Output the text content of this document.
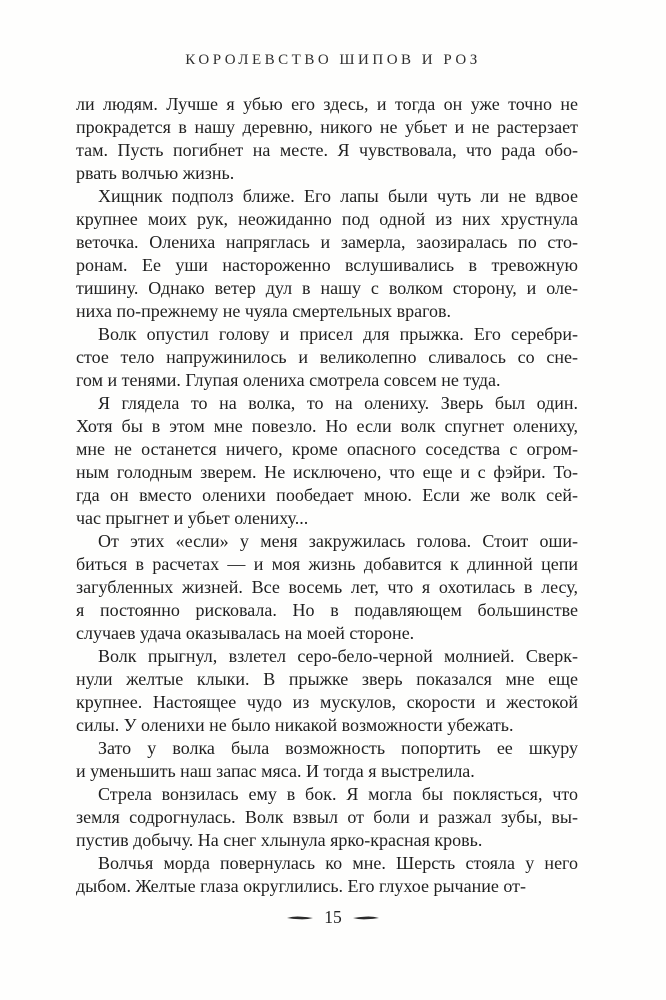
КОРОЛЕВСТВО ШИПОВ И РОЗ
ли людям. Лучше я убью его здесь, и тогда он уже точно не
прокрадется в нашу деревню, никого не убьет и не растерзает
там. Пусть погибнет на месте. Я чувствовала, что рада обо-
рвать волчью жизнь.
Хищник подполз ближе. Его лапы были чуть ли не вдвое
крупнее моих рук, неожиданно под одной из них хрустнула
веточка. Олениха напряглась и замерла, заозиралась по сто-
ронам. Ее уши настороженно вслушивались в тревожную
тишину. Однако ветер дул в нашу с волком сторону, и оле-
ниха по-прежнему не чуяла смертельных врагов.
Волк опустил голову и присел для прыжка. Его серебри-
стое тело напружинилось и великолепно сливалось со сне-
гом и тенями. Глупая олениха смотрела совсем не туда.
Я глядела то на волка, то на олениху. Зверь был один.
Хотя бы в этом мне повезло. Но если волк спугнет олениху,
мне не останется ничего, кроме опасного соседства с огром-
ным голодным зверем. Не исключено, что еще и с фэйри. То-
гда он вместо оленихи пообедает мною. Если же волк сей-
час прыгнет и убьет олениху...
От этих «если» у меня закружилась голова. Стоит оши-
биться в расчетах — и моя жизнь добавится к длинной цепи
загубленных жизней. Все восемь лет, что я охотилась в лесу,
я постоянно рисковала. Но в подавляющем большинстве
случаев удача оказывалась на моей стороне.
Волк прыгнул, взлетел серо-бело-черной молнией. Сверк-
нули желтые клыки. В прыжке зверь показался мне еще
крупнее. Настоящее чудо из мускулов, скорости и жестокой
силы. У оленихи не было никакой возможности убежать.
Зато у волка была возможность попортить ее шкуру
и уменьшить наш запас мяса. И тогда я выстрелила.
Стрела вонзилась ему в бок. Я могла бы поклясться, что
земля содрогнулась. Волк взвыл от боли и разжал зубы, вы-
пустив добычу. На снег хлынула ярко-красная кровь.
Волчья морда повернулась ко мне. Шерсть стояла у него
дыбом. Желтые глаза округлились. Его глухое рычание от-
15
